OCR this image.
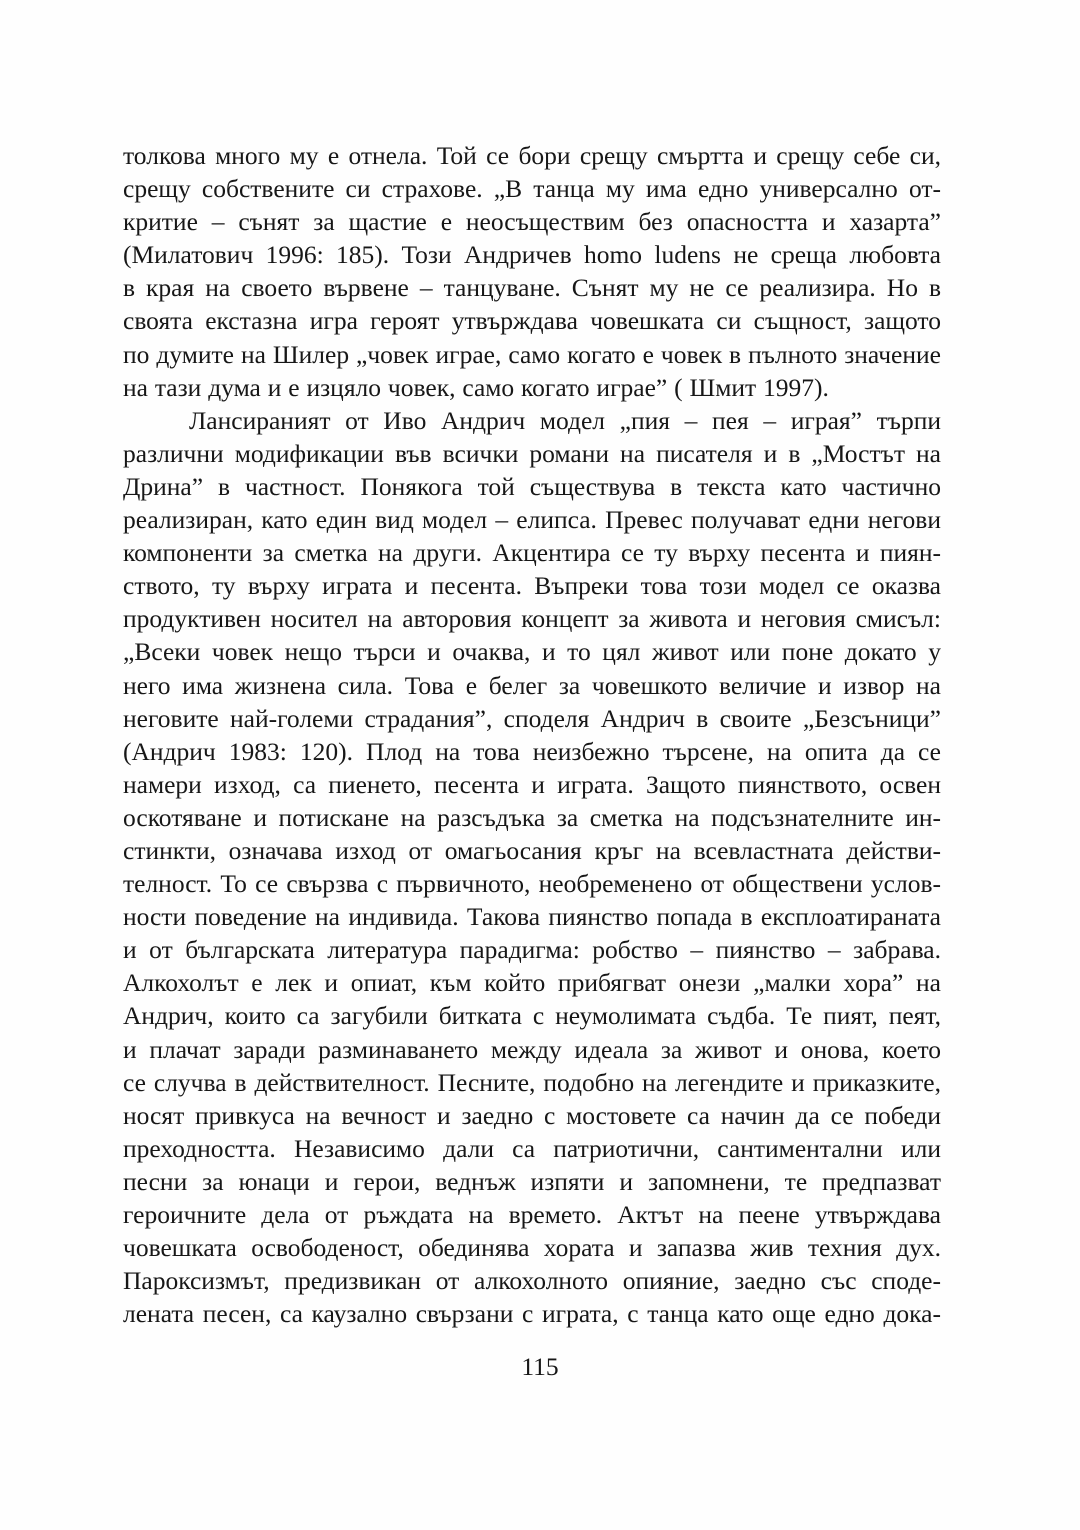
толкова много му е отнела. Той се бори срещу смъртта и срещу себе си,
срещу собствените си страхове. „В танца му има едно универсално от-
критие – сънят за щастие е неосъществим без опасността и хазарта”
(Милатович 1996: 185). Този Андричев homo ludens не среща любовта
в края на своето вървене – танцуване. Сънят му не се реализира. Но в
своята екстазна игра героят утвърждава човешката си същност, защото
по думите на Шилер „човек играе, само когато е човек в пълното значение
на тази дума и е изцяло човек, само когато играе” ( Шмит 1997).
Лансираният от Иво Андрич модел „пия – пея – играя” търпи
различни модификации във всички романи на писателя и в „Мостът на
Дрина” в частност. Понякога той съществува в текста като частично
реализиран, като един вид модел – елипса. Превес получават едни негови
компоненти за сметка на други. Акцентира се ту върху песента и пиян-
ството, ту върху играта и песента. Въпреки това този модел се оказва
продуктивен носител на авторовия концепт за живота и неговия смисъл:
„Всеки човек нещо търси и очаква, и то цял живот или поне докато у
него има жизнена сила. Това е белег за човешкото величие и извор на
неговите най-големи страдания”, споделя Андрич в своите „Безсъници”
(Андрич 1983: 120). Плод на това неизбежно търсене, на опита да се
намери изход, са пиенето, песента и играта. Защото пиянството, освен
оскотяване и потискане на разсъдъка за сметка на подсъзнателните ин-
стинкти, означава изход от омагьосания кръг на всевластната действи-
телност. То се свързва с първичното, необременено от обществени услов-
ности поведение на индивида. Такова пиянство попада в експлоатираната
и от българската литература парадигма: робство – пиянство – забрава.
Алкохолът е лек и опиат, към който прибягват онези „малки хора” на
Андрич, които са загубили битката с неумолимата съдба. Те пият, пеят,
и плачат заради разминаването между идеала за живот и онова, което
се случва в действителност. Песните, подобно на легендите и приказките,
носят привкуса на вечност и заедно с мостовете са начин да се победи
преходността. Независимо дали са патриотични, сантиментални или
песни за юнаци и герои, веднъж изпяти и запомнени, те предпазват
героичните дела от ръждата на времето. Актът на пеене утвърждава
човешката освободеност, обединява хората и запазва жив техния дух.
Пароксизмът, предизвикан от алкохолното опияние, заедно със споде-
лената песен, са каузално свързани с играта, с танца като още едно дока-
115
